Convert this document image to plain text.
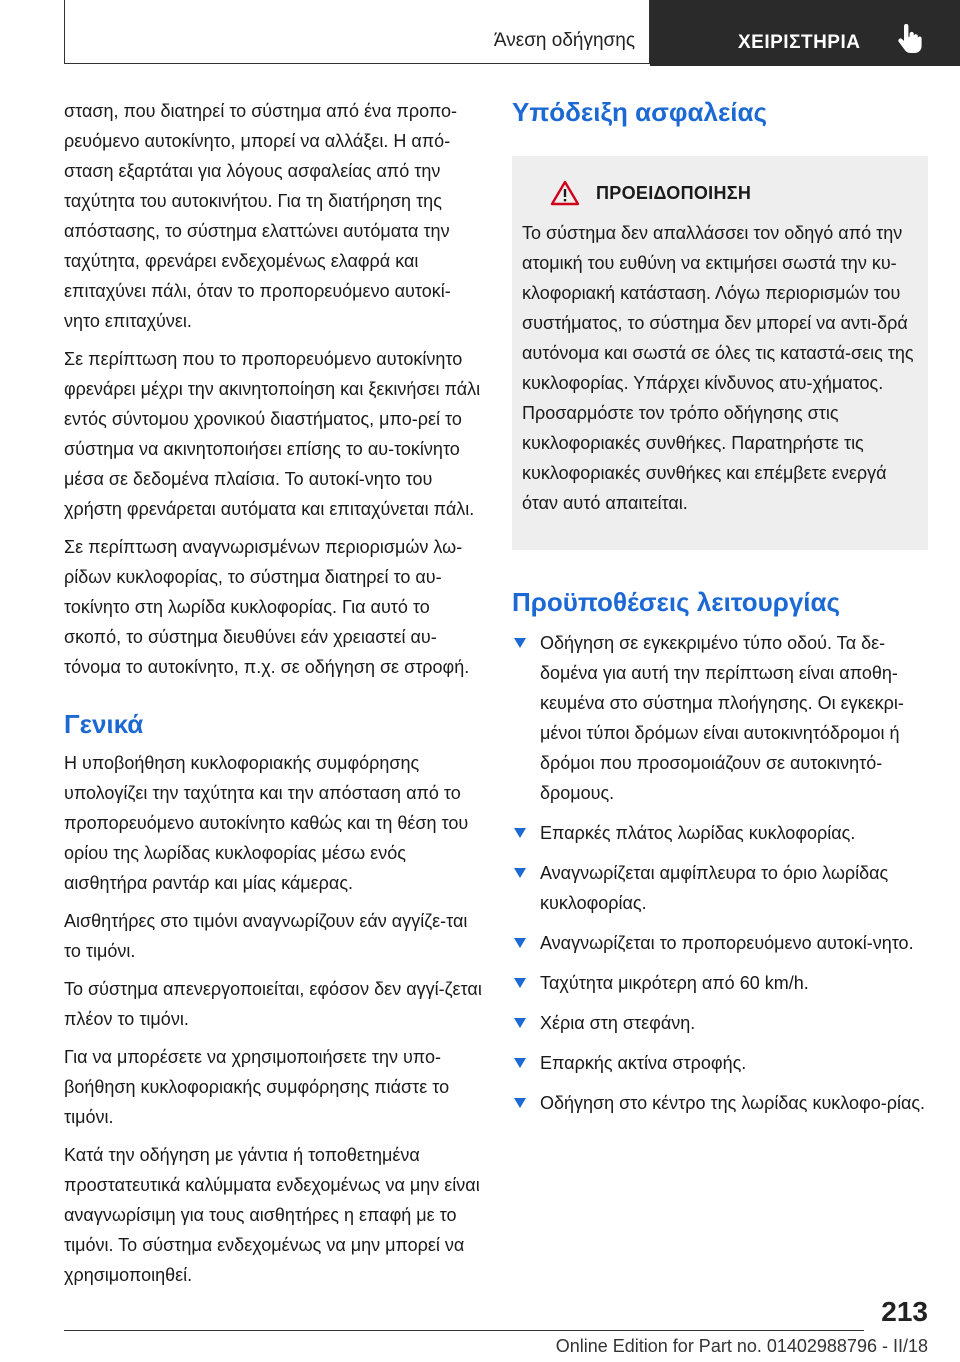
Άνεση οδήγησης	ΧΕΙΡΙΣΤΗΡΙΑ

σταση, που διατηρεί το σύστημα από ένα προπο-ρευόμενο αυτοκίνητο, μπορεί να αλλάξει. Η από-σταση εξαρτάται για λόγους ασφαλείας από την ταχύτητα του αυτοκινήτου. Για τη διατήρηση της απόστασης, το σύστημα ελαττώνει αυτόματα την ταχύτητα, φρενάρει ενδεχομένως ελαφρά και επιταχύνει πάλι, όταν το προπορευόμενο αυτοκί-νητο επιταχύνει.

Σε περίπτωση που το προπορευόμενο αυτοκίνητο φρενάρει μέχρι την ακινητοποίηση και ξεκινήσει πάλι εντός σύντομου χρονικού διαστήματος, μπο-ρεί το σύστημα να ακινητοποιήσει επίσης το αυ-τοκίνητο μέσα σε δεδομένα πλαίσια. Το αυτοκί-νητο του χρήστη φρενάρεται αυτόματα και επιταχύνεται πάλι.

Σε περίπτωση αναγνωρισμένων περιορισμών λω-ρίδων κυκλοφορίας, το σύστημα διατηρεί το αυ-τοκίνητο στη λωρίδα κυκλοφορίας. Για αυτό το σκοπό, το σύστημα διευθύνει εάν χρειαστεί αυ-τόνομα το αυτοκίνητο, π.χ. σε οδήγηση σε στροφή.

Γενικά

Η υποβοήθηση κυκλοφοριακής συμφόρησης υπολογίζει την ταχύτητα και την απόσταση από το προπορευόμενο αυτοκίνητο καθώς και τη θέση του ορίου της λωρίδας κυκλοφορίας μέσω ενός αισθητήρα ραντάρ και μίας κάμερας.

Αισθητήρες στο τιμόνι αναγνωρίζουν εάν αγγίζε-ται το τιμόνι.

Το σύστημα απενεργοποιείται, εφόσον δεν αγγί-ζεται πλέον το τιμόνι.

Για να μπορέσετε να χρησιμοποιήσετε την υπο-βοήθηση κυκλοφοριακής συμφόρησης πιάστε το τιμόνι.

Κατά την οδήγηση με γάντια ή τοποθετημένα προστατευτικά καλύμματα ενδεχομένως να μην είναι αναγνωρίσιμη για τους αισθητήρες η επαφή με το τιμόνι. Το σύστημα ενδεχομένως να μην μπορεί να χρησιμοποιηθεί.

Υπόδειξη ασφαλείας
ΠΡΟΕΙΔΟΠΟΙΗΣΗ

Το σύστημα δεν απαλλάσσει τον οδηγό από την ατομική του ευθύνη να εκτιμήσει σωστά την κυ-κλοφοριακή κατάσταση. Λόγω περιορισμών του συστήματος, το σύστημα δεν μπορεί να αντι-δρά αυτόνομα και σωστά σε όλες τις καταστά-σεις της κυκλοφορίας. Υπάρχει κίνδυνος ατυ-χήματος. Προσαρμόστε τον τρόπο οδήγησης στις κυκλοφοριακές συνθήκες. Παρατηρήστε τις κυκλοφοριακές συνθήκες και επέμβετε ενεργά όταν αυτό απαιτείται.

Προϋποθέσεις λειτουργίας
Οδήγηση σε εγκεκριμένο τύπο οδού. Τα δε-δομένα για αυτή την περίπτωση είναι αποθη-κευμένα στο σύστημα πλοήγησης. Οι εγκεκρι-μένοι τύποι δρόμων είναι αυτοκινητόδρομοι ή δρόμοι που προσομοιάζουν σε αυτοκινητό-δρομους.
Επαρκές πλάτος λωρίδας κυκλοφορίας.
Αναγνωρίζεται αμφίπλευρα το όριο λωρίδας κυκλοφορίας.
Αναγνωρίζεται το προπορευόμενο αυτοκί-νητο.
Ταχύτητα μικρότερη από 60 km/h.
Χέρια στη στεφάνη.
Επαρκής ακτίνα στροφής.
Οδήγηση στο κέντρο της λωρίδας κυκλοφο-ρίας.
213
Online Edition for Part no. 01402988796 - II/18
